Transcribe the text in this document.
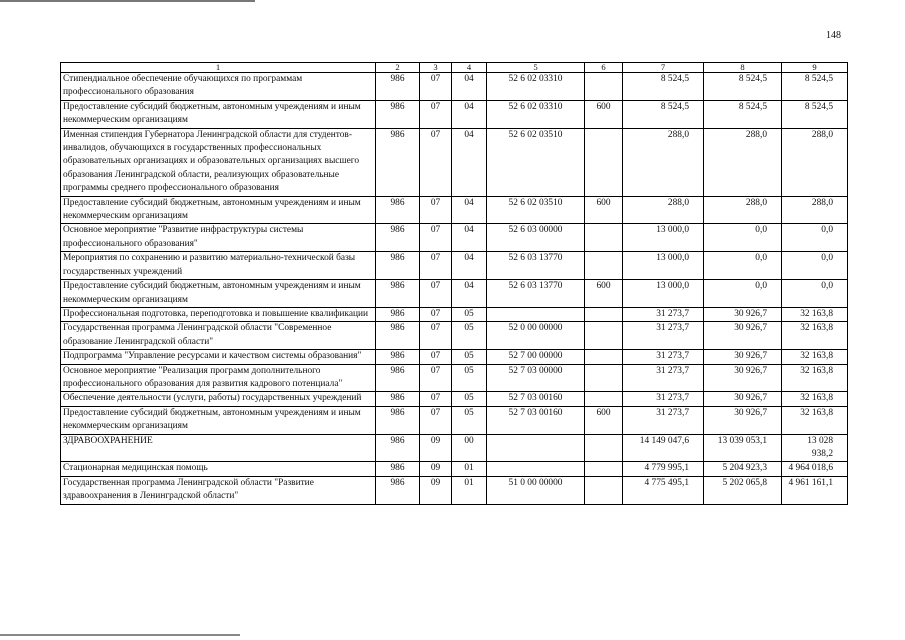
148
1	2	3	4	5	6	7	8	9
Стипендиальное обеспечение обучающихся по программам профессионального образования	986	07	04	52 6 02 03310		8 524,5	8 524,5	8 524,5
Предоставление субсидий бюджетным, автономным учреждениям и иным некоммерческим организациям	986	07	04	52 6 02 03310	600	8 524,5	8 524,5	8 524,5
Именная стипендия Губернатора Ленинградской области для студентов-инвалидов, обучающихся в государственных профессиональных образовательных организациях и образовательных организациях высшего образования Ленинградской области, реализующих образовательные программы среднего профессионального образования	986	07	04	52 6 02 03510		288,0	288,0	288,0
Предоставление субсидий бюджетным, автономным учреждениям и иным некоммерческим организациям	986	07	04	52 6 02 03510	600	288,0	288,0	288,0
Основное мероприятие "Развитие инфраструктуры системы профессионального образования"	986	07	04	52 6 03 00000		13 000,0	0,0	0,0
Мероприятия по сохранению и развитию материально-технической базы государственных учреждений	986	07	04	52 6 03 13770		13 000,0	0,0	0,0
Предоставление субсидий бюджетным, автономным учреждениям и иным некоммерческим организациям	986	07	04	52 6 03 13770	600	13 000,0	0,0	0,0
Профессиональная подготовка, переподготовка и повышение квалификации	986	07	05			31 273,7	30 926,7	32 163,8
Государственная программа Ленинградской области "Современное образование Ленинградской области"	986	07	05	52 0 00 00000		31 273,7	30 926,7	32 163,8
Подпрограмма "Управление ресурсами и качеством системы образования"	986	07	05	52 7 00 00000		31 273,7	30 926,7	32 163,8
Основное мероприятие "Реализация программ дополнительного профессионального образования для развития кадрового потенциала"	986	07	05	52 7 03 00000		31 273,7	30 926,7	32 163,8
Обеспечение деятельности (услуги, работы) государственных учреждений	986	07	05	52 7 03 00160		31 273,7	30 926,7	32 163,8
Предоставление субсидий бюджетным, автономным учреждениям и иным некоммерческим организациям	986	07	05	52 7 03 00160	600	31 273,7	30 926,7	32 163,8
ЗДРАВООХРАНЕНИЕ	986	09	00			14 149 047,6	13 039 053,1	13 028 938,2
Стационарная медицинская помощь	986	09	01			4 779 995,1	5 204 923,3	4 964 018,6
Государственная программа Ленинградской области "Развитие здравоохранения в Ленинградской области"	986	09	01	51 0 00 00000		4 775 495,1	5 202 065,8	4 961 161,1
